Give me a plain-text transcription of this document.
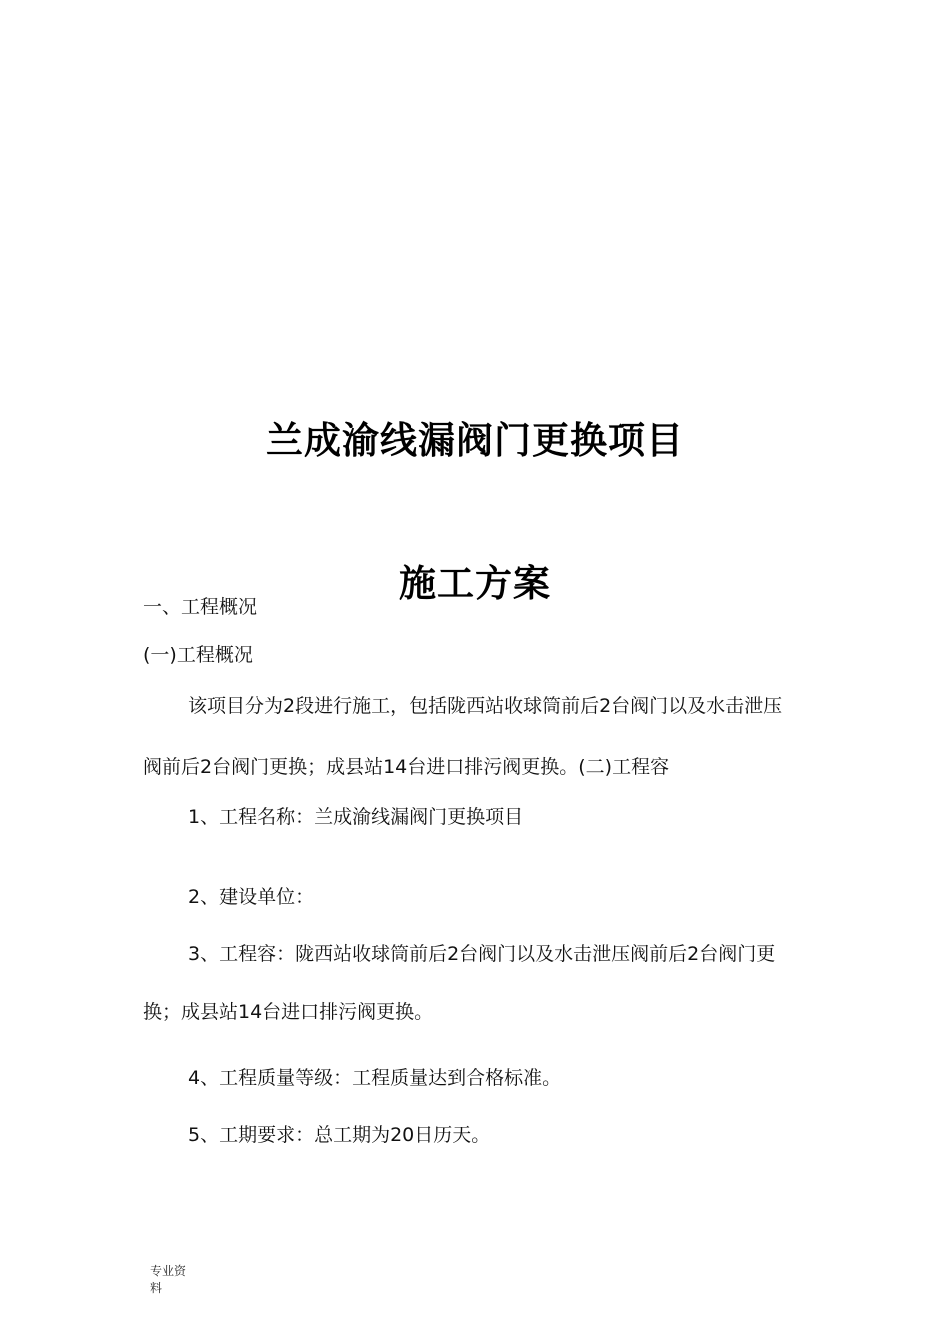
兰成渝线漏阀门更换项目
施工方案
一、工程概况
(一)工程概况
该项目分为2段进行施工，包括陇西站收球筒前后2台阀门以及水击泄压
阀前后2台阀门更换；成县站14台进口排污阀更换。(二)工程容
1、工程名称：兰成渝线漏阀门更换项目
2、建设单位：
3、工程容：陇西站收球筒前后2台阀门以及水击泄压阀前后2台阀门更
换；成县站14台进口排污阀更换。
4、工程质量等级：工程质量达到合格标准。
5、工期要求：总工期为20日历天。
专业资
料
